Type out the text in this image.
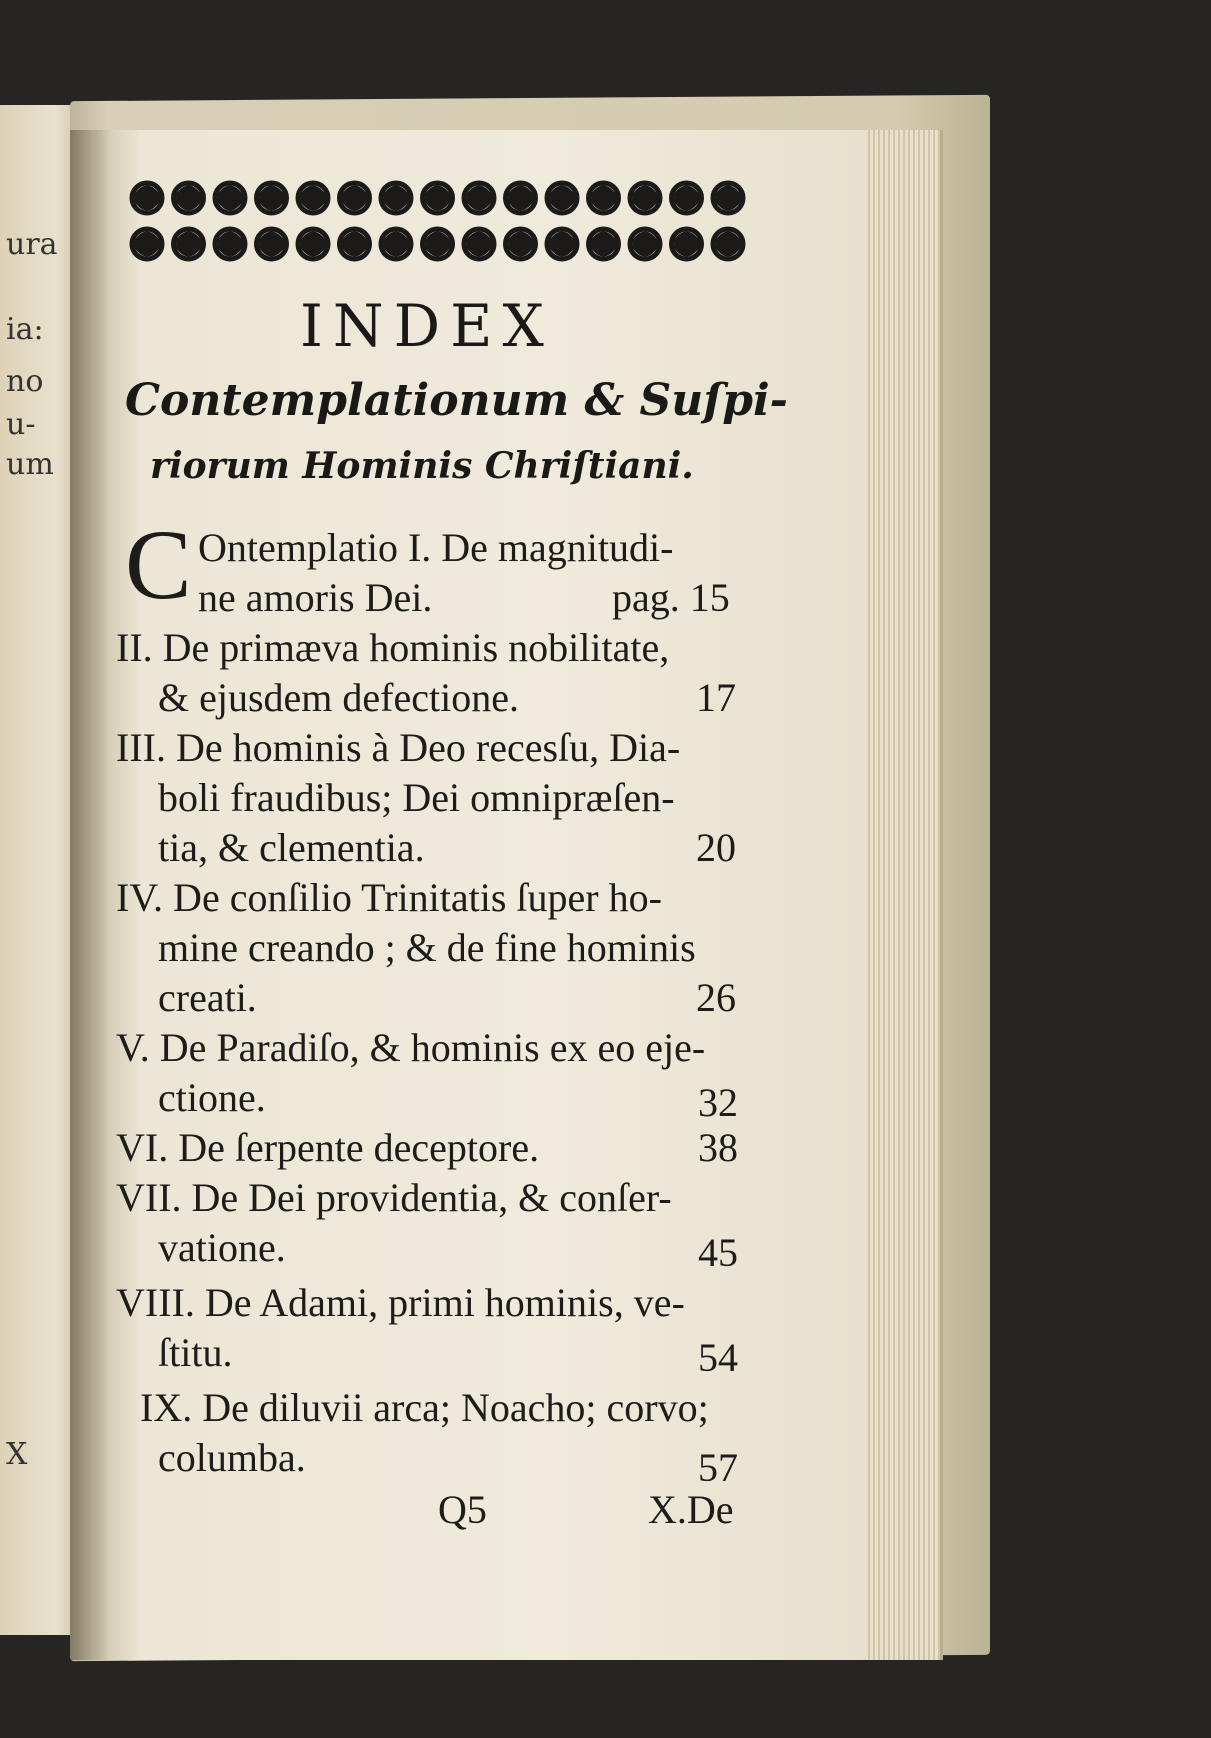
ura
ia:
no
u-
um
X
INDEX
Contemplationum & Suſpi-
riorum Hominis Chriſtiani.
C Ontemplatio I. De magnitudi-
ne amoris Dei.	pag. 15
II. De primæva hominis nobilitate,
& ejusdem defectione.	17
III. De hominis à Deo recesſu, Dia-
boli fraudibus; Dei omnipræſen-
tia, & clementia.	20
IV. De conſilio Trinitatis ſuper ho-
mine creando ; & de fine hominis
creati.	26
V. De Paradiſo, & hominis ex eo eje-
ctione.	32
VI. De ſerpente deceptore.	38
VII. De Dei providentia, & conſer-
vatione.	45
VIII. De Adami, primi hominis, ve-
ſtitu.	54
IX. De diluvii arca; Noacho; corvo;
columba.	57
Q5	X.De
